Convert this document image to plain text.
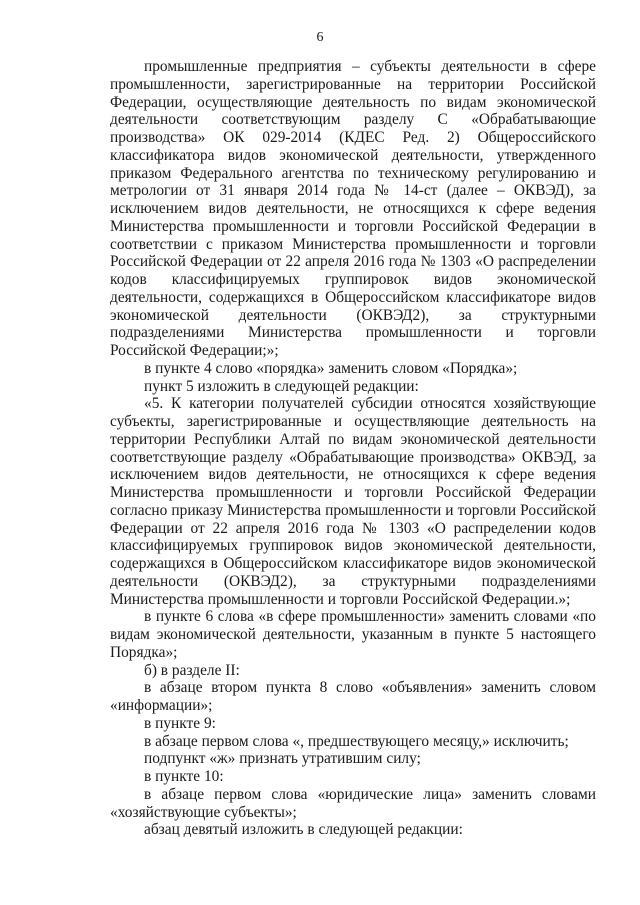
6

промышленные предприятия – субъекты деятельности в сфере промышленности, зарегистрированные на территории Российской Федерации, осуществляющие деятельность по видам экономической деятельности соответствующим разделу С «Обрабатывающие производства» ОК 029-2014 (КДЕС Ред. 2) Общероссийского классификатора видов экономической деятельности, утвержденного приказом Федерального агентства по техническому регулированию и метрологии от 31 января 2014 года № 14-ст (далее – ОКВЭД), за исключением видов деятельности, не относящихся к сфере ведения Министерства промышленности и торговли Российской Федерации в соответствии с приказом Министерства промышленности и торговли Российской Федерации от 22 апреля 2016 года № 1303 «О распределении кодов классифицируемых группировок видов экономической деятельности, содержащихся в Общероссийском классификаторе видов экономической деятельности (ОКВЭД2), за структурными подразделениями Министерства промышленности и торговли Российской Федерации;»;

в пункте 4 слово «порядка» заменить словом «Порядка»;

пункт 5 изложить в следующей редакции:

«5. К категории получателей субсидии относятся хозяйствующие субъекты, зарегистрированные и осуществляющие деятельность на территории Республики Алтай по видам экономической деятельности соответствующие разделу «Обрабатывающие производства» ОКВЭД, за исключением видов деятельности, не относящихся к сфере ведения Министерства промышленности и торговли Российской Федерации согласно приказу Министерства промышленности и торговли Российской Федерации от 22 апреля 2016 года № 1303 «О распределении кодов классифицируемых группировок видов экономической деятельности, содержащихся в Общероссийском классификаторе видов экономической деятельности (ОКВЭД2), за структурными подразделениями Министерства промышленности и торговли Российской Федерации.»;

в пункте 6 слова «в сфере промышленности» заменить словами «по видам экономической деятельности, указанным в пункте 5 настоящего Порядка»;

б) в разделе II:

в абзаце втором пункта 8 слово «объявления» заменить словом «информации»;

в пункте 9:

в абзаце первом слова «, предшествующего месяцу,» исключить;

подпункт «ж» признать утратившим силу;

в пункте 10:

в абзаце первом слова «юридические лица» заменить словами «хозяйствующие субъекты»;

абзац девятый изложить в следующей редакции:
